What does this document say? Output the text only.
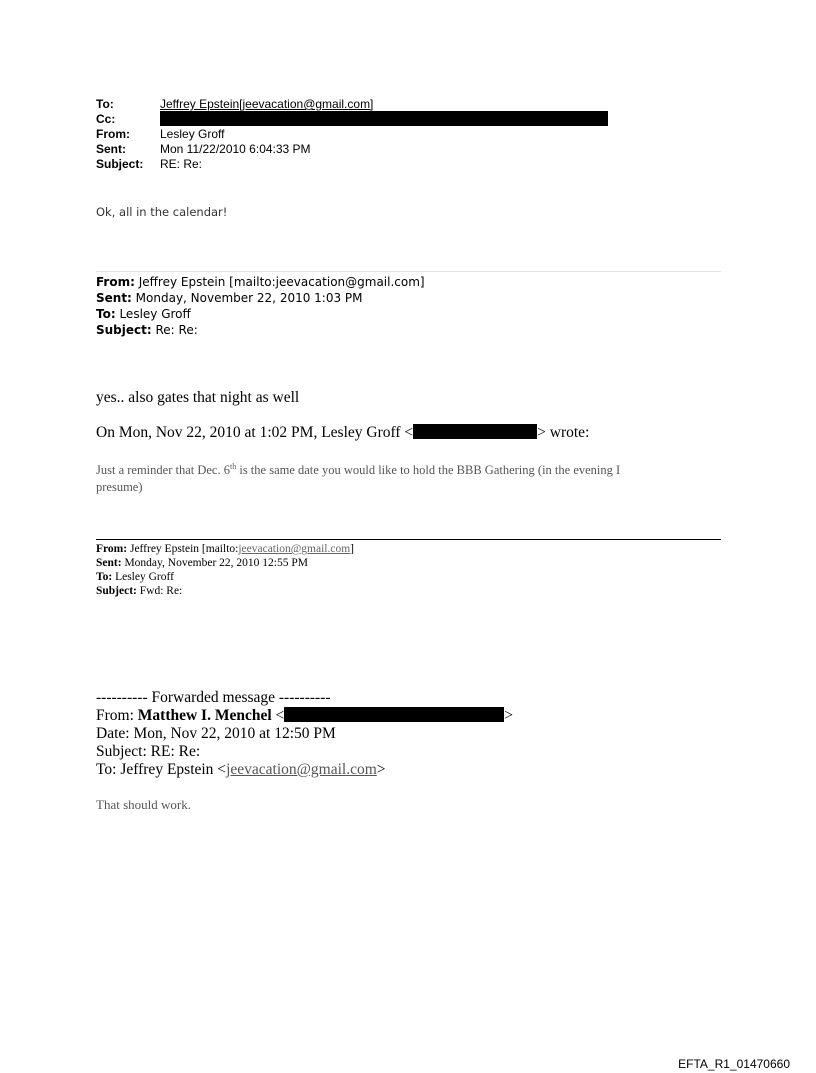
To:	Jeffrey Epstein[jeevacation@gmail.com]
Cc:
From:	Lesley Groff
Sent:	Mon 11/22/2010 6:04:33 PM
Subject: RE: Re:
Ok, all in the calendar!
From: Jeffrey Epstein [mailto:jeevacation@gmail.com]
Sent: Monday, November 22, 2010 1:03 PM
To: Lesley Groff
Subject: Re: Re:
yes.. also gates that night as well
On Mon, Nov 22, 2010 at 1:02 PM, Lesley Groff <	> wrote:
Just a reminder that Dec. 6th is the same date you would like to hold the BBB Gathering (in the evening I
presume)
From: Jeffrey Epstein [mailto:jeevacation@gmail.com]
Sent: Monday, November 22, 2010 12:55 PM
To: Lesley Groff
Subject: Fwd: Re:
---------- Forwarded message ----------
From: Matthew I. Menchel <	>
Date: Mon, Nov 22, 2010 at 12:50 PM
Subject: RE: Re:
To: Jeffrey Epstein <jeevacation@gmail.com>
That should work.
EFTA_R1_01470660
